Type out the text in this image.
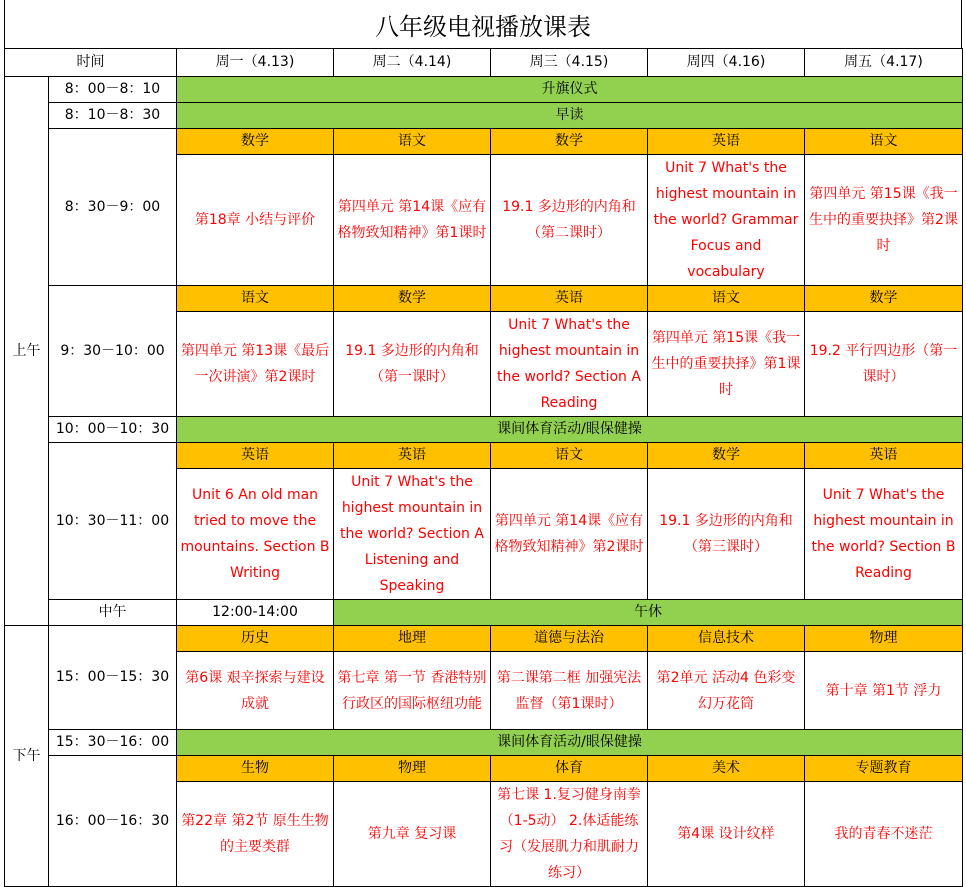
八年级电视播放课表
时间		周一（4.13)	周二（4.14)	周三（4.15)	周四（4.16)	周五（4.17)
上午	8：00－8：10	升旗仪式				
	8：10－8：30	早读				
	8：30－9：00	数学	语文	数学	英语	语文
		第18章 小结与评价	第四单元 第14课《应有格物致知精神》第1课时	19.1 多边形的内角和（第二课时）	Unit 7 What's the highest mountain in the world? Grammar Focus and vocabulary	第四单元 第15课《我一生中的重要抉择》第2课时
	9：30－10：00	语文	数学	英语	语文	数学
		第四单元 第13课《最后一次讲演》第2课时	19.1 多边形的内角和（第一课时）	Unit 7 What's the highest mountain in the world? Section A Reading	第四单元 第15课《我一生中的重要抉择》第1课时	19.2 平行四边形（第一课时）
	10：00－10：30	课间体育活动/眼保健操				
	10：30－11：00	英语	英语	语文	数学	英语
		Unit 6 An old man tried to move the mountains. Section B Writing	Unit 7 What's the highest mountain in the world? Section A Listening and Speaking	第四单元 第14课《应有格物致知精神》第2课时	19.1 多边形的内角和（第三课时）	Unit 7 What's the highest mountain in the world? Section B Reading
	中午	12:00-14:00	午休			
下午	15：00－15：30	历史	地理	道德与法治	信息技术	物理
		第6课 艰辛探索与建设成就	第七章 第一节 香港特别行政区的国际枢纽功能	第二课第二框 加强宪法监督（第1课时）	第2单元 活动4 色彩变幻万花筒	第十章 第1节 浮力
	15：30－16：00	课间体育活动/眼保健操				
	16：00－16：30	生物	物理	体育	美术	专题教育
		第22章 第2节 原生生物的主要类群	第九章 复习课	第七课 1.复习健身南拳（1-5动） 2.体适能练习（发展肌力和肌耐力练习）	第4课 设计纹样	我的青春不迷茫
